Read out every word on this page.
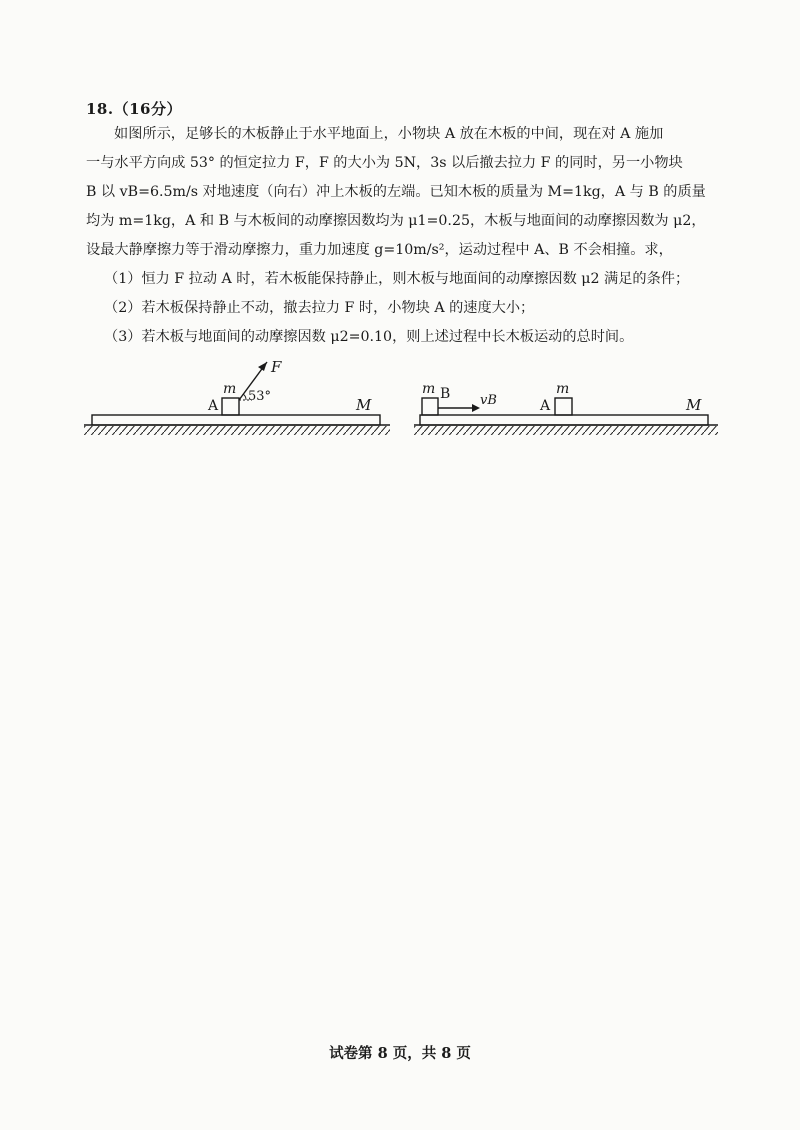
18.（16分）
如图所示，足够长的木板静止于水平地面上，小物块 A 放在木板的中间，现在对 A 施加
一与水平方向成 53° 的恒定拉力 F，F 的大小为 5N，3s 以后撤去拉力 F 的同时，另一小物块
B 以 vB=6.5m/s 对地速度（向右）冲上木板的左端。已知木板的质量为 M=1kg，A 与 B 的质量
均为 m=1kg，A 和 B 与木板间的动摩擦因数均为 μ1=0.25，木板与地面间的动摩擦因数为 μ2，
设最大静摩擦力等于滑动摩擦力，重力加速度 g=10m/s²，运动过程中 A、B 不会相撞。求，
（1）恒力 F 拉动 A 时，若木板能保持静止，则木板与地面间的动摩擦因数 μ2 满足的条件；
（2）若木板保持静止不动，撤去拉力 F 时，小物块 A 的速度大小；
（3）若木板与地面间的动摩擦因数 μ2=0.10，则上述过程中长木板运动的总时间。
F
m
A
53°	M
m B vB	A
m
M
试卷第 8 页，共 8 页
